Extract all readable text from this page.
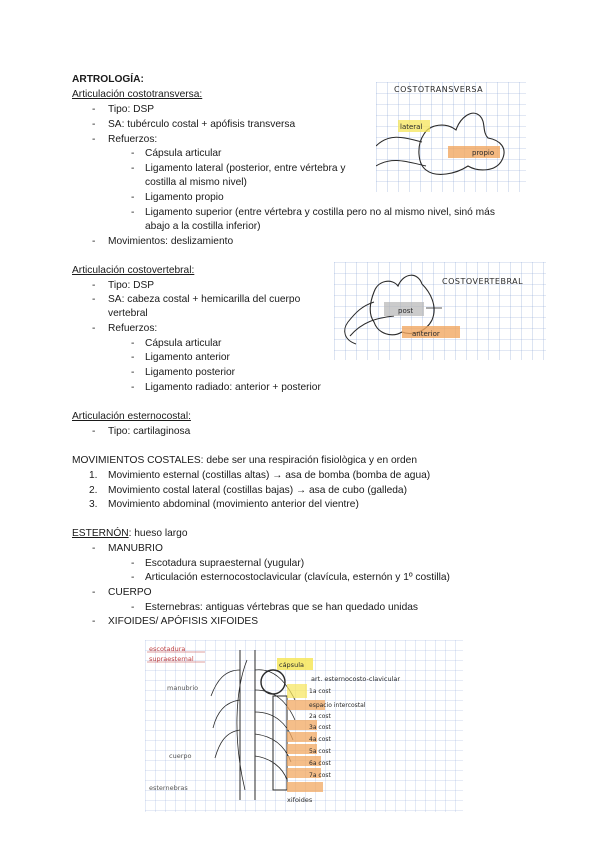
ARTROLOGÍA:
Articulación costotransversa:
- Tipo: DSP
- SA: tubérculo costal + apófisis transversa
- Refuerzos:
- Cápsula articular
- Ligamento lateral (posterior, entre vértebra y
costilla al mismo nivel)
- Ligamento propio
- Ligamento superior (entre vértebra y costilla pero no al mismo nivel, sinó más
abajo a la costilla inferior)
- Movimientos: deslizamiento
COSTOTRANSVERSA
lateral
propio
Articulación costovertebral:
- Tipo: DSP
- SA: cabeza costal + hemicarilla del cuerpo
vertebral
- Refuerzos:
- Cápsula articular
- Ligamento anterior
- Ligamento posterior
- Ligamento radiado: anterior + posterior
COSTOVERTEBRAL
post
anterior
Articulación esternocostal:
- Tipo: cartilaginosa
MOVIMIENTOS COSTALES: debe ser una respiración fisiològica y en orden
1. Movimiento esternal (costillas altas) → asa de bomba (bomba de agua)
2. Movimiento costal lateral (costillas bajas) → asa de cubo (galleda)
3. Movimiento abdominal (movimiento anterior del vientre)
ESTERNÓN: hueso largo
- MANUBRIO
- Escotadura supraesternal (yugular)
- Articulación esternocostoclavicular (clavícula, esternón y 1º costilla)
- CUERPO
- Esternebras: antiguas vértebras que se han quedado unidas
- XIFOIDES/ APÓFISIS XIFOIDES
escotadura
supraesternal
manubrio
cuerpo
esternebras
cápsula
art. esternocosto-clavicular
1a cost
espacio intercostal
2a cost
3a cost
4a cost
5a cost
6a cost
7a cost
xifoides
